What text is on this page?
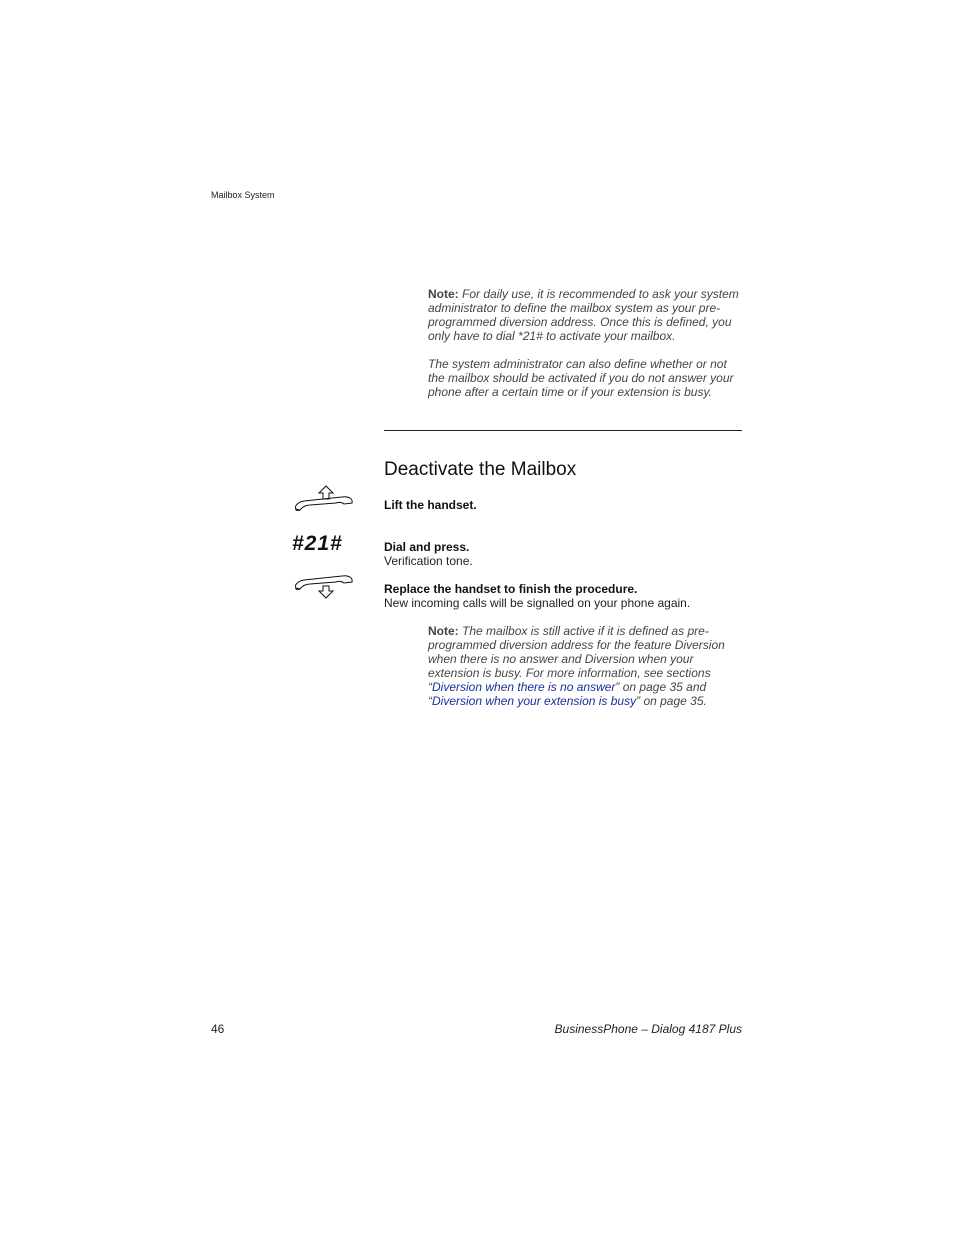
Mailbox System

Note: For daily use, it is recommended to ask your system administrator to define the mailbox system as your pre-programmed diversion address. Once this is defined, you only have to dial *21# to activate your mailbox.

The system administrator can also define whether or not the mailbox should be activated if you do not answer your phone after a certain time or if your extension is busy.

Deactivate the Mailbox
Lift the handset.
#21#	Dial and press.
Verification tone.
Replace the handset to finish the procedure.
New incoming calls will be signalled on your phone again.

Note: The mailbox is still active if it is defined as pre-programmed diversion address for the feature Diversion when there is no answer and Diversion when your extension is busy. For more information, see sections “Diversion when there is no answer” on page 35 and “Diversion when your extension is busy” on page 35.

46	BusinessPhone – Dialog 4187 Plus
